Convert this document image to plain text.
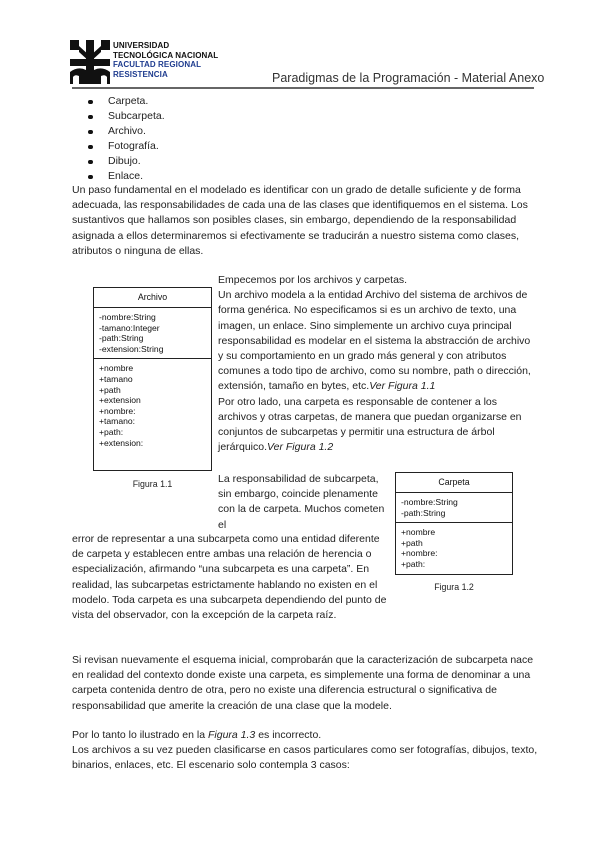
UNIVERSIDAD
TECNOLÓGICA NACIONAL
FACULTAD REGIONAL
RESISTENCIA	Paradigmas de la Programación - Material Anexo
Carpeta.
Subcarpeta.
Archivo.
Fotografía.
Dibujo.
Enlace.

Un paso fundamental en el modelado es identificar con un grado de detalle suficiente y de forma adecuada, las responsabilidades de cada una de las clases que identifiquemos en el sistema. Los sustantivos que hallamos son posibles clases, sin embargo, dependiendo de la responsabilidad asignada a ellos determinaremos si efectivamente se traducirán a nuestro sistema como clases, atributos o ninguna de ellas.

Archivo
-nombre:String
-tamano:Integer
-path:String
-extension:String
+nombre
+tamano
+path
+extension
+nombre:
+tamano:
+path:
+extension:
Figura 1.1
Empecemos por los archivos y carpetas.
Un archivo modela a la entidad Archivo del sistema de archivos de forma genérica. No especificamos si es un archivo de texto, una imagen, un enlace. Sino simplemente un archivo cuya principal responsabilidad es modelar en el sistema la abstracción de archivo y su comportamiento en un grado más general y con atributos comunes a todo tipo de archivo, como su nombre, path o dirección, extensión, tamaño en bytes, etc.Ver Figura 1.1
Por otro lado, una carpeta es responsable de contener a los archivos y otras carpetas, de manera que puedan organizarse en conjuntos de subcarpetas y permitir una estructura de árbol jerárquico.Ver Figura 1.2

La responsabilidad de subcarpeta, sin embargo, coincide plenamente con la de carpeta. Muchos cometen el

Carpeta
-nombre:String
-path:String
+nombre
+path
+nombre:
+path:
Figura 1.2

error de representar a una subcarpeta como una entidad diferente de carpeta y establecen entre ambas una relación de herencia o especialización, afirmando “una subcarpeta es una carpeta”. En realidad, las subcarpetas estrictamente hablando no existen en el modelo. Toda carpeta es una subcarpeta dependiendo del punto de vista del observador, con la excepción de la carpeta raíz.

Si revisan nuevamente el esquema inicial, comprobarán que la caracterización de subcarpeta nace en realidad del contexto donde existe una carpeta, es simplemente una forma de denominar a una carpeta contenida dentro de otra, pero no existe una diferencia estructural o significativa de responsabilidad que amerite la creación de una clase que la modele.

Por lo tanto lo ilustrado en la Figura 1.3 es incorrecto.
Los archivos a su vez pueden clasificarse en casos particulares como ser fotografías, dibujos, texto, binarios, enlaces, etc. El escenario solo contempla 3 casos:
